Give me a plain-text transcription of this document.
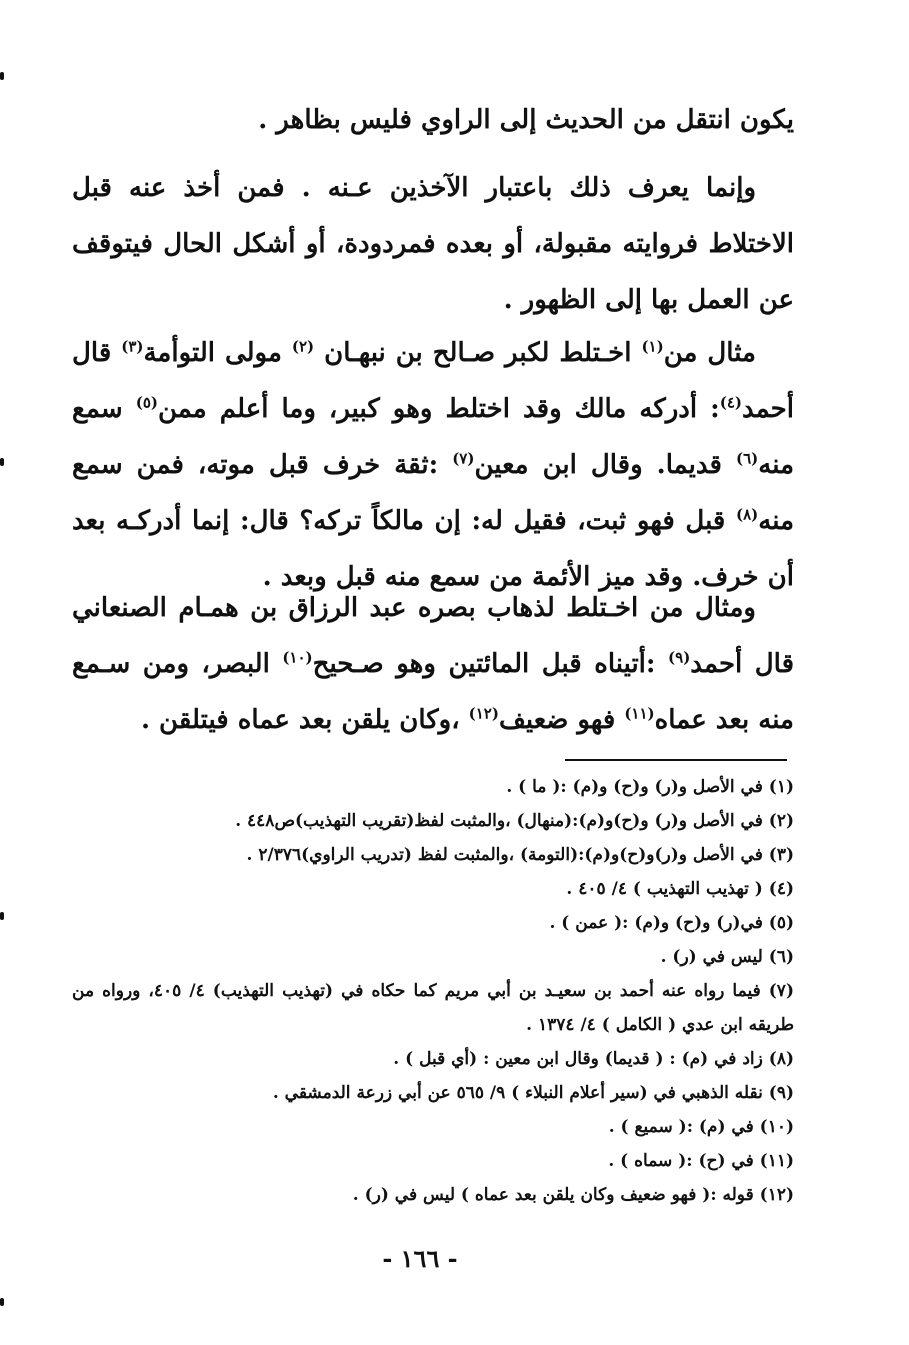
يكون انتقل من الحديث إلى الراوي فليس بظاهر .
وإنما يعرف ذلك باعتبار الآخذين عـنه . فمن أخذ عنه قبل الاختلاط فروايته مقبولة، أو بعده فمردودة، أو أشكل الحال فيتوقف عن العمل بها إلى الظهور .
مثال من$^{(١)}$ اخـتلط لكبر صـالح بن نبهـان $^{(٢)}$ مولى التوأمة$^{(٣)}$ قال أحمد$^{(٤)}$: أدركه مالك وقد اختلط وهو كبير، وما أعلم ممن$^{(٥)}$ سمع منه$^{(٦)}$ قديما. وقال ابن معين$^{(٧)}$ :ثقة خرف قبل موته، فمن سمع منه$^{(٨)}$ قبل فهو ثبت، فقيل له: إن مالكاً تركه؟ قال: إنما أدركـه بعد أن خرف. وقد ميز الأئمة من سمع منه قبل وبعد .
ومثال من اخـتلط لذهاب بصره عبد الرزاق بن همـام الصنعاني قال أحمد$^{(٩)}$ :أتيناه قبل المائتين وهو صـحيح$^{(١٠)}$ البصر، ومن سـمع منه بعد عماه$^{(١١)}$ فهو ضعيف$^{(١٢)}$ ،وكان يلقن بعد عماه فيتلقن .
(١) في الأصل و(ر) و(ح) و(م) :( ما ) .
(٢) في الأصل و(ر) و(ح)و(م):(منهال) ،والمثبت لفظ(تقريب التهذيب)ص٤٤٨ .
(٣) في الأصل و(ر)و(ح)و(م):(التومة) ،والمثبت لفظ (تدريب الراوي)٢/٣٧٦ .
(٤) ( تهذيب التهذيب ) ٤/ ٤٠٥ .
(٥) في(ر) و(ح) و(م) :( عمن ) .
(٦) ليس في (ر) .
(٧) فيما رواه عنه أحمد بن سعيـد بن أبي مريم كما حكاه في (تهذيب التهذيب) ٤/ ٤٠٥، ورواه من طريقه ابن عدي ( الكامل ) ٤/ ١٣٧٤ .
(٨) زاد في (م) : ( قديما) وقال ابن معين : (أي قبل ) .
(٩) نقله الذهبي في (سير أعلام النبلاء ) ٩/ ٥٦٥ عن أبي زرعة الدمشقي .
(١٠) في (م) :( سميع ) .
(١١) في (ح) :( سماه ) .
(١٢) قوله :( فهو ضعيف وكان يلقن بعد عماه ) ليس في (ر) .
- ١٦٦ -
